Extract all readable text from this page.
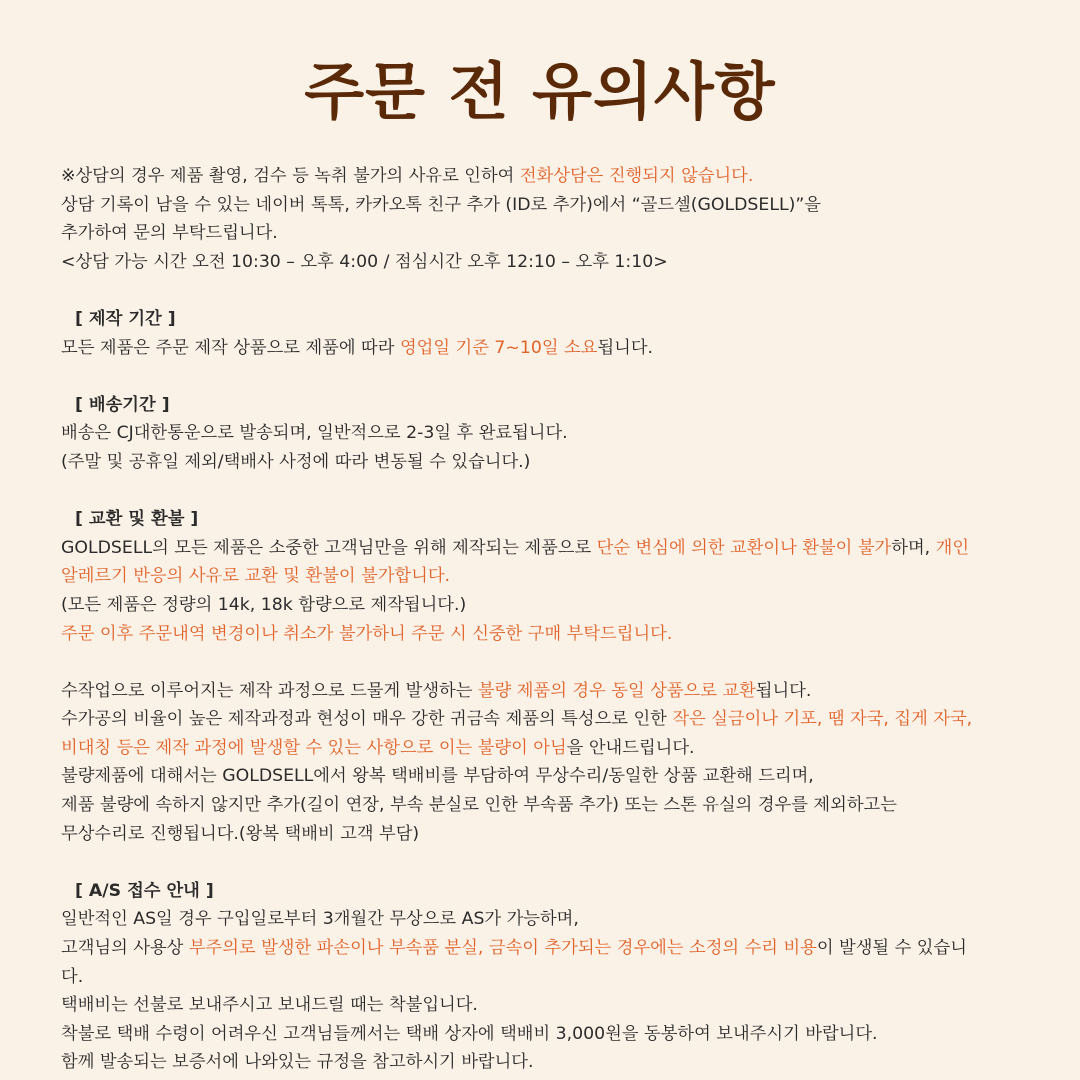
주문 전 유의사항
※상담의 경우 제품 촬영, 검수 등 녹취 불가의 사유로 인하여 전화상담은 진행되지 않습니다.
상담 기록이 남을 수 있는 네이버 톡톡, 카카오톡 친구 추가 (ID로 추가)에서 “골드셀(GOLDSELL)”을
추가하여 문의 부탁드립니다.
<상담 가능 시간 오전 10:30 – 오후 4:00 / 점심시간 오후 12:10 – 오후 1:10>
[ 제작 기간 ]
모든 제품은 주문 제작 상품으로 제품에 따라 영업일 기준 7~10일 소요됩니다.
[ 배송기간 ]
배송은 CJ대한통운으로 발송되며, 일반적으로 2-3일 후 완료됩니다.
(주말 및 공휴일 제외/택배사 사정에 따라 변동될 수 있습니다.)
[ 교환 및 환불 ]
GOLDSELL의 모든 제품은 소중한 고객님만을 위해 제작되는 제품으로 단순 변심에 의한 교환이나 환불이 불가하며, 개인
알레르기 반응의 사유로 교환 및 환불이 불가합니다.
(모든 제품은 정량의 14k, 18k 함량으로 제작됩니다.)
주문 이후 주문내역 변경이나 취소가 불가하니 주문 시 신중한 구매 부탁드립니다.
수작업으로 이루어지는 제작 과정으로 드물게 발생하는 불량 제품의 경우 동일 상품으로 교환됩니다.
수가공의 비율이 높은 제작과정과 현성이 매우 강한 귀금속 제품의 특성으로 인한 작은 실금이나 기포, 땜 자국, 집게 자국,
비대칭 등은 제작 과정에 발생할 수 있는 사항으로 이는 불량이 아님을 안내드립니다.
불량제품에 대해서는 GOLDSELL에서 왕복 택배비를 부담하여 무상수리/동일한 상품 교환해 드리며,
제품 불량에 속하지 않지만 추가(길이 연장, 부속 분실로 인한 부속품 추가) 또는 스톤 유실의 경우를 제외하고는
무상수리로 진행됩니다.(왕복 택배비 고객 부담)
[ A/S 접수 안내 ]
일반적인 AS일 경우 구입일로부터 3개월간 무상으로 AS가 가능하며,
고객님의 사용상 부주의로 발생한 파손이나 부속품 분실, 금속이 추가되는 경우에는 소정의 수리 비용이 발생될 수 있습니
다.
택배비는 선불로 보내주시고 보내드릴 때는 착불입니다.
착불로 택배 수령이 어려우신 고객님들께서는 택배 상자에 택배비 3,000원을 동봉하여 보내주시기 바랍니다.
함께 발송되는 보증서에 나와있는 규정을 참고하시기 바랍니다.
